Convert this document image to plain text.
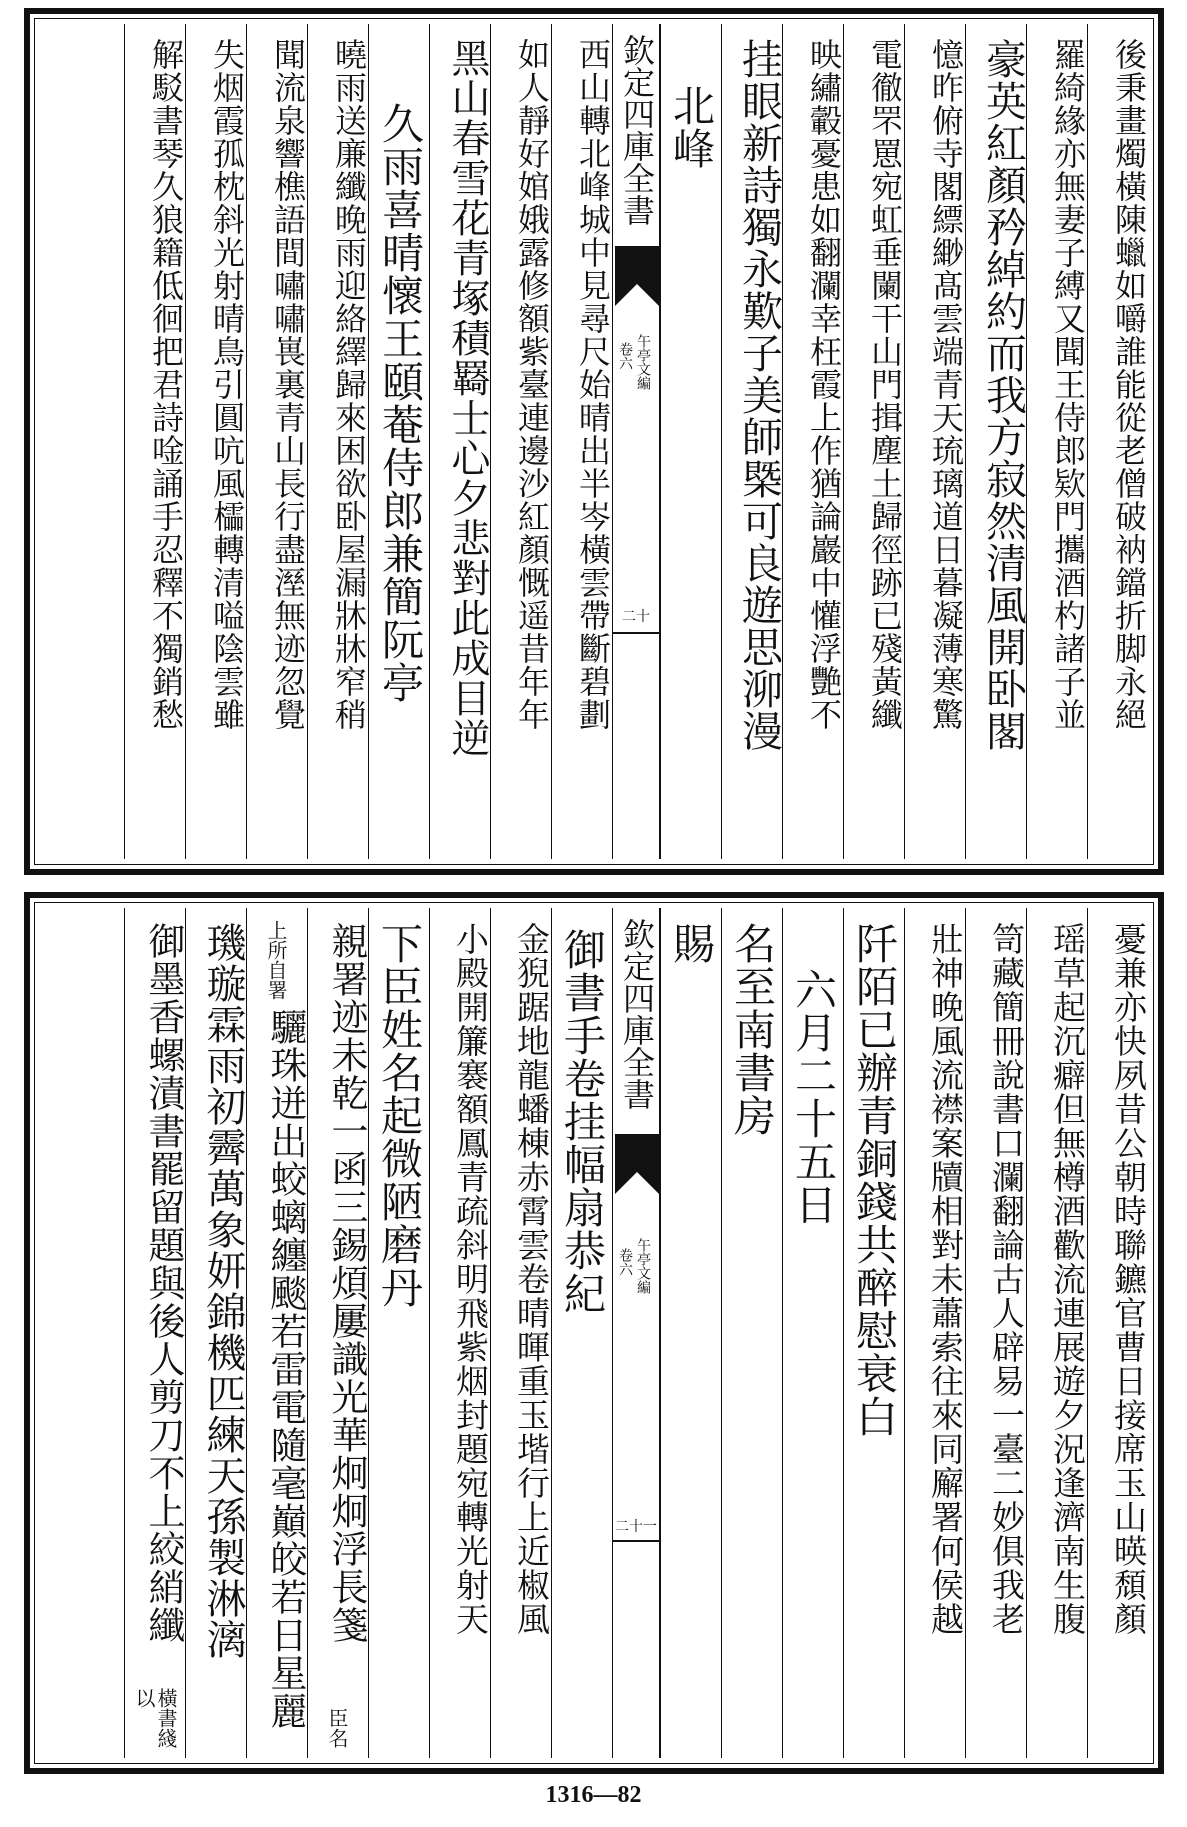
後秉畫燭橫陳蠟如嚼誰能從老僧破衲鐺折脚永絕
羅綺緣亦無妻子縛又聞王侍郎欵門攜酒杓諸子並
豪英紅顏矜綽約而我方寂然清風開卧閣
憶昨俯寺閣縹緲髙雲端青天琉璃道日暮凝薄寒驚
電徹罘罳宛虹垂闌干山門揖塵土歸徑跡已殘黃纖
映繡轂憂患如翻瀾幸枉霞上作猶論巖中懽浮艷不
挂眼新詩獨永歎子美師槩可良遊思泖漫
北峰
欽定四庫全書
午亭文編
卷六
二十
西山轉北峰城中見尋尺始晴出半岑橫雲帶斷碧劃
如人靜好婠娥露修額紫臺連邊沙紅顏慨遥昔年年
黑山春雪花青塚積羇士心夕悲對此成目逆
久雨喜晴懷王頤菴侍郎兼簡阮亭
曉雨送廉纖晚雨迎絡繹歸來困欲卧屋漏牀牀窄稍
聞流泉響樵語間嘯嘯嵔裏青山長行盡溼無迹忽覺
失烟霞孤枕斜光射晴鳥引圓吭風櫺轉清嗌陰雲雖
解駁書琴久狼籍低徊把君詩唫誦手忍釋不獨銷愁
憂兼亦快夙昔公朝時聯鑣官曹日接席玉山暎頹顏
瑶草起沉癖但無樽酒歡流連展遊夕況逢濟南生腹
笥藏簡冊說書口瀾翻論古人辟易一臺二妙俱我老
壯神晚風流襟案牘相對未蕭索往來同廨署何侯越
阡陌已辦青銅錢共醉慰衰白
六月二十五日
名至南書房
賜
欽定四庫全書
午亭文編
卷六
二十一
御書手卷挂幅扇恭紀
金猊踞地龍蟠棟赤霄雲卷晴暉重玉堦行上近椒風
小殿開簾褰額鳳青疏斜明飛紫烟封題宛轉光射天
下臣姓名起微陋磨丹
親署迹未乾一函三錫煩屢識光華炯炯浮長箋
臣名
上所自署
驪珠迸出蛟螭纏颷若雷電隨毫巔皎若日星麗
璣璇霖雨初霽萬象妍錦機匹練天孫製淋漓
御墨香螺漬書罷留題與後人剪刀不上絞綃纖
橫書綫以
1316—82
